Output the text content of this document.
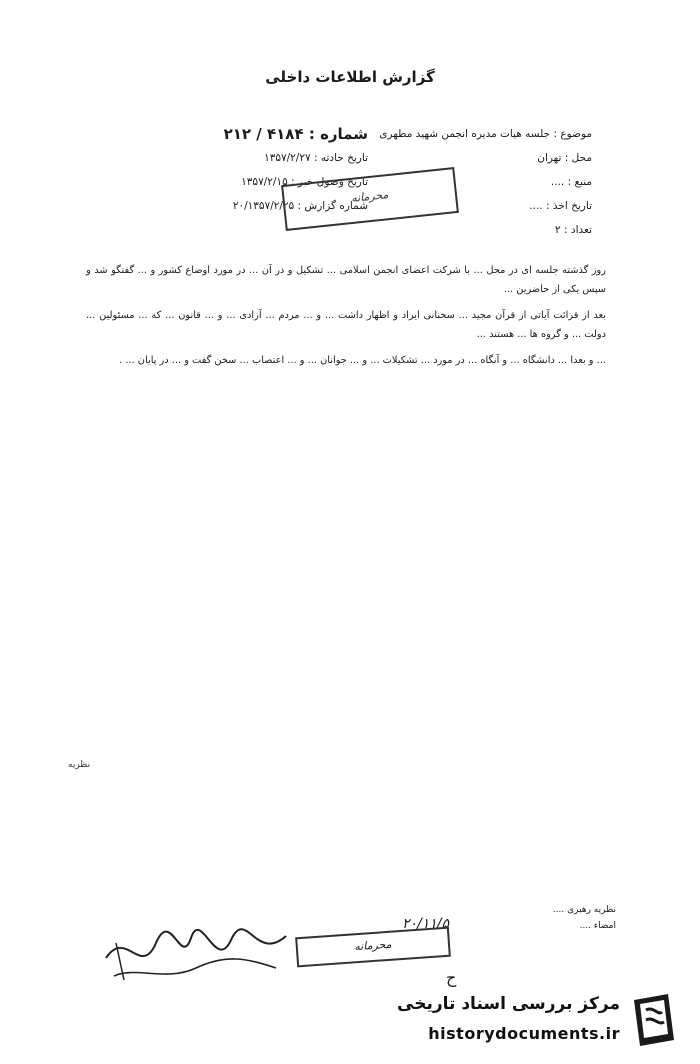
گزارش اطلاعات داخلی
موضوع : جلسه هیات مدیره انجمن شهید مطهری
محل : تهران
منبع : ....
تاریخ اخذ : ....
تعداد : ۲
شماره : ۴۱۸۴ / ۲۱۲
تاریخ حادثه : ۱۳۵۷/۲/۲۷
تاریخ وصول خبر : ۱۳۵۷/۲/۱۵
شماره گزارش : ۲۰/۱۳۵۷/۲/۲۵
محرمانه

روز گذشته جلسه ای در محل ... با شرکت اعضای انجمن اسلامی ... تشکیل و در آن ... در مورد اوضاع کشور و ... گفتگو شد و سپس یکی از حاضرین ...

بعد از قرائت آیاتی از قرآن مجید ... سخنانی ایراد و اظهار داشت ... و ... مردم ... آزادی ... و ... قانون ... که ... مسئولین ... دولت ... و گروه ها ... هستند ...

... و بعدا ... دانشگاه ... و آنگاه ... در مورد ... تشکیلات ... و ... جوانان ... و ... اعتصاب ... سخن گفت و ... در پایان ... .

نظریه
نظریه رهبری ....
امضاء ....
۲۰/۱۱/۵
محرمانه
ح
مرکز بررسی اسناد تاریخی
historydocuments.ir
